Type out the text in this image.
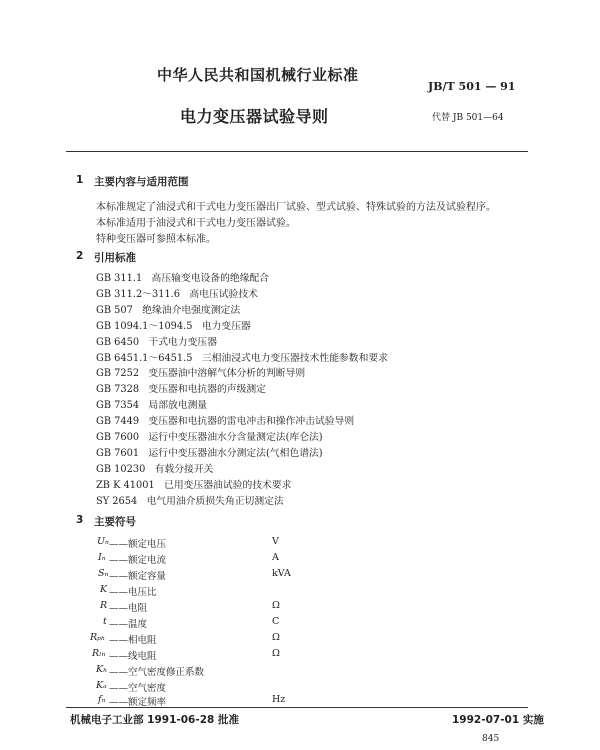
中华人民共和国机械行业标准
JB/T 501 — 91
电力变压器试验导则	代替 JB 501—64
1 主要内容与适用范围
本标准规定了油浸式和干式电力变压器出厂试验、型式试验、特殊试验的方法及试验程序。
本标准适用于油浸式和干式电力变压器试验。
特种变压器可参照本标准。
2 引用标准
GB 311.1 高压输变电设备的绝缘配合
GB 311.2～311.6 高电压试验技术
GB 507 绝缘油介电强度测定法
GB 1094.1～1094.5 电力变压器
GB 6450 干式电力变压器
GB 6451.1～6451.5 三相油浸式电力变压器技术性能参数和要求
GB 7252 变压器油中溶解气体分析的判断导则
GB 7328 变压器和电抗器的声级测定
GB 7354 局部放电测量
GB 7449 变压器和电抗器的雷电冲击和操作冲击试验导则
GB 7600 运行中变压器油水分含量测定法(库仑法)
GB 7601 运行中变压器油水分测定法(气相色谱法)
GB 10230 有载分接开关
ZB K 41001 已用变压器油试验的技术要求
SY 2654 电气用油介质损失角正切测定法
3 主要符号
Uₙ ——额定电压	V
Iₙ ——额定电流	A
Sₙ ——额定容量	kVA
K ——电压比
R ——电阻	Ω
t ——温度	C
Rₚₕ ——相电阻	Ω
Rₗₙ ——线电阻	Ω
Kₕ ——空气密度修正系数
Kₐ ——空气密度
fₙ ——额定频率	Hz
机械电子工业部 1991-06-28 批准	1992-07-01 实施
845
